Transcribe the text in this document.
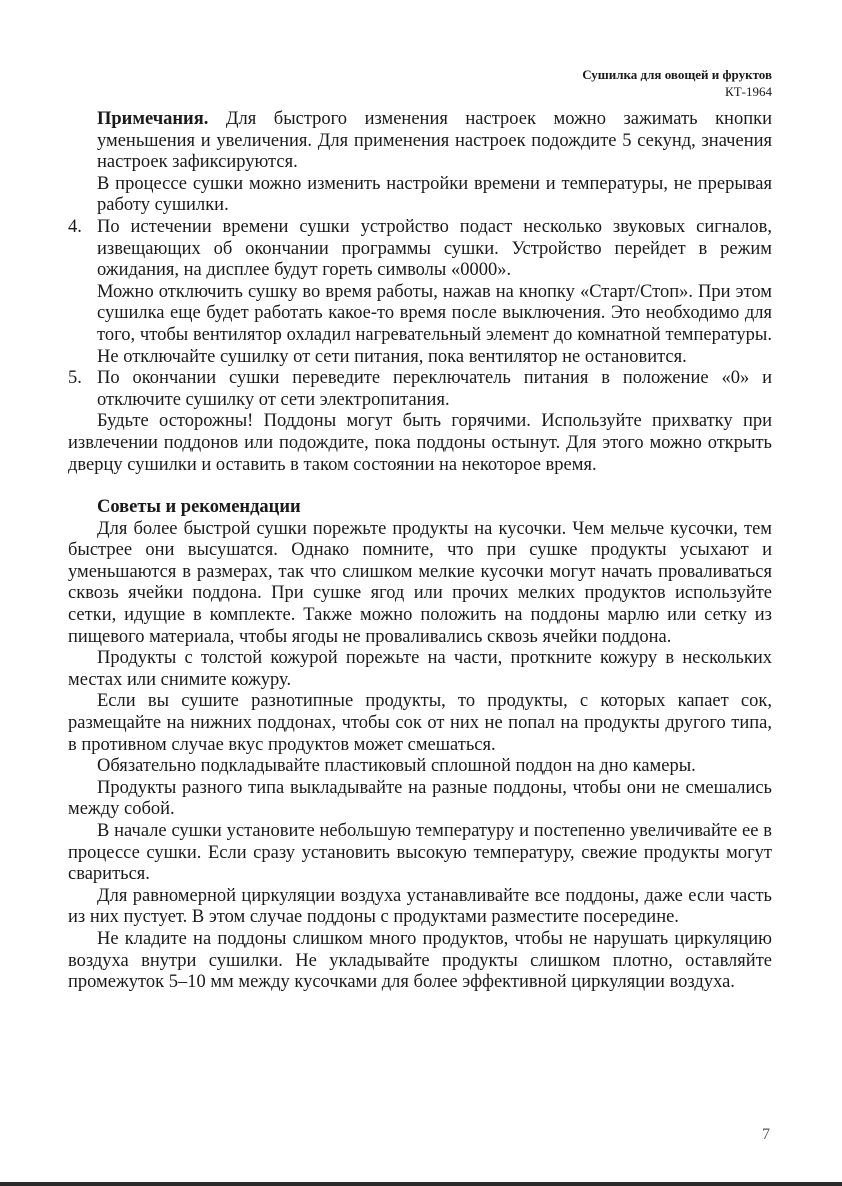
Сушилка для овощей и фруктов
КТ-1964

Примечания. Для быстрого изменения настроек можно зажимать кнопки уменьшения и увеличения. Для применения настроек подождите 5 секунд, значения настроек зафиксируются.

В процессе сушки можно изменить настройки времени и температуры, не прерывая работу сушилки.

4. По истечении времени сушки устройство подаст несколько звуковых сигналов, извещающих об окончании программы сушки. Устройство перейдет в режим ожидания, на дисплее будут гореть символы «0000».

Можно отключить сушку во время работы, нажав на кнопку «Старт/Стоп». При этом сушилка еще будет работать какое-то время после выключения. Это необходимо для того, чтобы вентилятор охладил нагревательный элемент до комнатной температуры. Не отключайте сушилку от сети питания, пока вентилятор не остановится.

5. По окончании сушки переведите переключатель питания в положение «0» и отключите сушилку от сети электропитания.

Будьте осторожны! Поддоны могут быть горячими. Используйте прихватку при извлечении поддонов или подождите, пока поддоны остынут. Для этого можно открыть дверцу сушилки и оставить в таком состоянии на некоторое время.

Советы и рекомендации

Для более быстрой сушки порежьте продукты на кусочки. Чем мельче кусочки, тем быстрее они высушатся. Однако помните, что при сушке продукты усыхают и уменьшаются в размерах, так что слишком мелкие кусочки могут начать проваливаться сквозь ячейки поддона. При сушке ягод или прочих мелких продуктов используйте сетки, идущие в комплекте. Также можно положить на поддоны марлю или сетку из пищевого материала, чтобы ягоды не проваливались сквозь ячейки поддона.

Продукты с толстой кожурой порежьте на части, проткните кожуру в нескольких местах или снимите кожуру.

Если вы сушите разнотипные продукты, то продукты, с которых капает сок, размещайте на нижних поддонах, чтобы сок от них не попал на продукты другого типа, в противном случае вкус продуктов может смешаться.

Обязательно подкладывайте пластиковый сплошной поддон на дно камеры.

Продукты разного типа выкладывайте на разные поддоны, чтобы они не смешались между собой.

В начале сушки установите небольшую температуру и постепенно увеличивайте ее в процессе сушки. Если сразу установить высокую температуру, свежие продукты могут свариться.

Для равномерной циркуляции воздуха устанавливайте все поддоны, даже если часть из них пустует. В этом случае поддоны с продуктами разместите посередине.

Не кладите на поддоны слишком много продуктов, чтобы не нарушать циркуляцию воздуха внутри сушилки. Не укладывайте продукты слишком плотно, оставляйте промежуток 5–10 мм между кусочками для более эффективной циркуляции воздуха.

7
